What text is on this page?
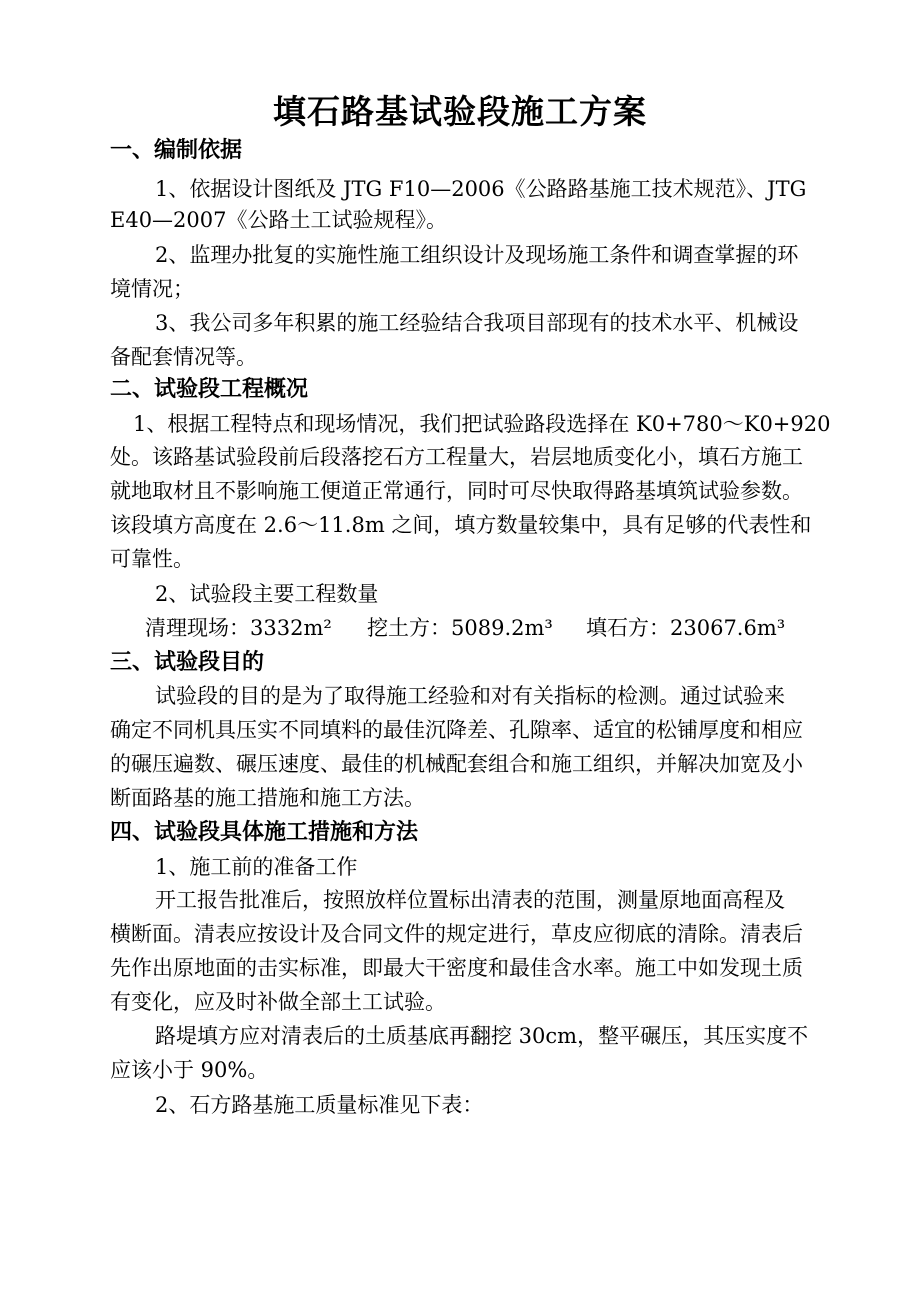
填石路基试验段施工方案
一、编制依据
1、依据设计图纸及 JTG F10—2006《公路路基施工技术规范》、JTG
E40—2007《公路土工试验规程》。
2、监理办批复的实施性施工组织设计及现场施工条件和调查掌握的环
境情况；
3、我公司多年积累的施工经验结合我项目部现有的技术水平、机械设
备配套情况等。
二、试验段工程概况
1、根据工程特点和现场情况，我们把试验路段选择在 K0+780～K0+920
处。该路基试验段前后段落挖石方工程量大，岩层地质变化小，填石方施工
就地取材且不影响施工便道正常通行，同时可尽快取得路基填筑试验参数。
该段填方高度在 2.6～11.8m 之间，填方数量较集中，具有足够的代表性和
可靠性。
2、试验段主要工程数量
清理现场：3332m² 挖土方：5089.2m³ 填石方：23067.6m³
三、试验段目的
试验段的目的是为了取得施工经验和对有关指标的检测。通过试验来
确定不同机具压实不同填料的最佳沉降差、孔隙率、适宜的松铺厚度和相应
的碾压遍数、碾压速度、最佳的机械配套组合和施工组织，并解决加宽及小
断面路基的施工措施和施工方法。
四、试验段具体施工措施和方法
1、施工前的准备工作
开工报告批准后，按照放样位置标出清表的范围，测量原地面高程及
横断面。清表应按设计及合同文件的规定进行，草皮应彻底的清除。清表后
先作出原地面的击实标准，即最大干密度和最佳含水率。施工中如发现土质
有变化，应及时补做全部土工试验。
路堤填方应对清表后的土质基底再翻挖 30cm，整平碾压，其压实度不
应该小于 90%。
2、石方路基施工质量标准见下表：
